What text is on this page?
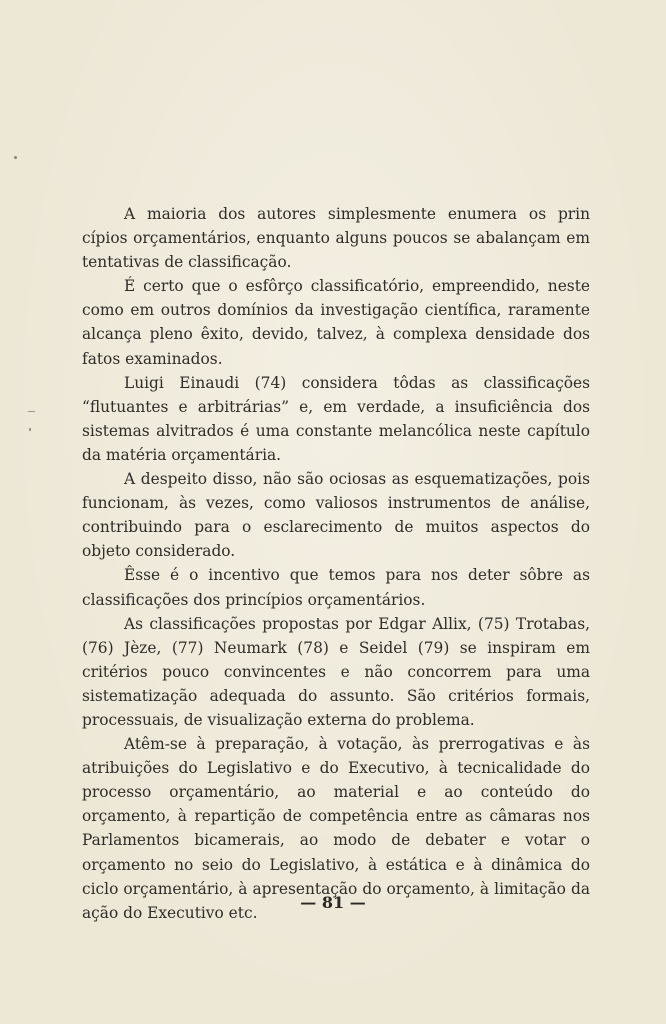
A maioria dos autores simplesmente enumera os prin cípios orçamentários, enquanto alguns poucos se abalançam em tentativas de classificação.

É certo que o esfôrço classificatório, empreendido, neste como em outros domínios da investigação científica, raramente alcança pleno êxito, devido, talvez, à complexa densidade dos fatos examinados.

Luigi Einaudi (74) considera tôdas as classificações “flutuantes e arbitrárias” e, em verdade, a insuficiência dos sistemas alvitrados é uma constante melancólica neste capítulo da matéria orçamentária.

A despeito disso, não são ociosas as esquematizações, pois funcionam, às vezes, como valiosos instrumentos de análise, contribuindo para o esclarecimento de muitos aspectos do objeto considerado.

Êsse é o incentivo que temos para nos deter sôbre as classificações dos princípios orçamentários.

As classificações propostas por Edgar Allix, (75) Trotabas, (76) Jèze, (77) Neumark (78) e Seidel (79) se inspiram em critérios pouco convincentes e não concorrem para uma sistematização adequada do assunto. São critérios formais, processuais, de visualização externa do problema.

Atêm-se à preparação, à votação, às prerrogativas e às atribuições do Legislativo e do Executivo, à tecnicalidade do processo orçamentário, ao material e ao conteúdo do orçamento, à repartição de competência entre as câmaras nos Parlamentos bicamerais, ao modo de debater e votar o orçamento no seio do Legislativo, à estática e à dinâmica do ciclo orçamentário, à apresentação do orçamento, à limitação da ação do Executivo etc.

— 81 —
